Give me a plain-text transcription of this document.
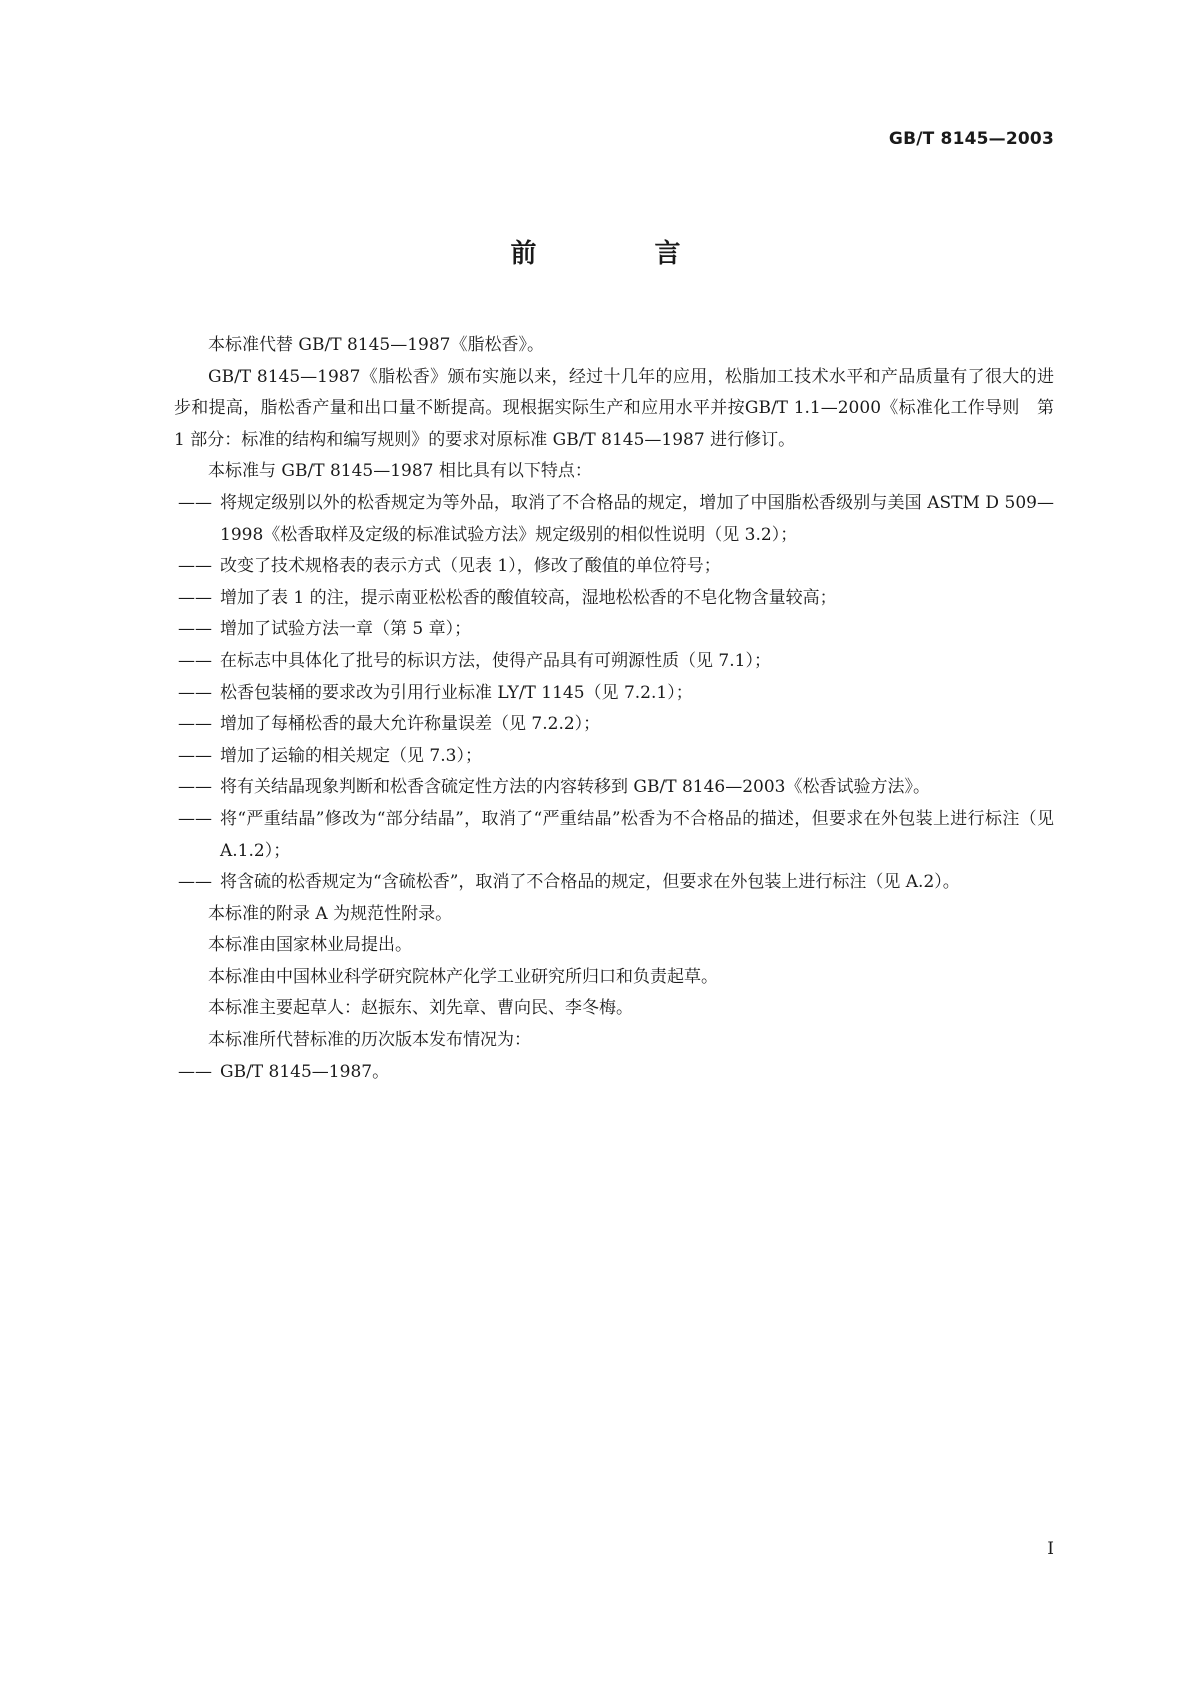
GB/T 8145—2003
前　言

本标准代替 GB/T 8145—1987《脂松香》。

GB/T 8145—1987《脂松香》颁布实施以来，经过十几年的应用，松脂加工技术水平和产品质量有了很大的进步和提高，脂松香产量和出口量不断提高。现根据实际生产和应用水平并按GB/T 1.1—2000《标准化工作导则　第 1 部分：标准的结构和编写规则》的要求对原标准 GB/T 8145—1987 进行修订。

本标准与 GB/T 8145—1987 相比具有以下特点：

—— 将规定级别以外的松香规定为等外品，取消了不合格品的规定，增加了中国脂松香级别与美国 ASTM D 509—1998《松香取样及定级的标准试验方法》规定级别的相似性说明（见 3.2）；

—— 改变了技术规格表的表示方式（见表 1），修改了酸值的单位符号；

—— 增加了表 1 的注，提示南亚松松香的酸值较高，湿地松松香的不皂化物含量较高；

—— 增加了试验方法一章（第 5 章）；

—— 在标志中具体化了批号的标识方法，使得产品具有可朔源性质（见 7.1）；

—— 松香包装桶的要求改为引用行业标准 LY/T 1145（见 7.2.1）；

—— 增加了每桶松香的最大允许称量误差（见 7.2.2）；

—— 增加了运输的相关规定（见 7.3）；

—— 将有关结晶现象判断和松香含硫定性方法的内容转移到 GB/T 8146—2003《松香试验方法》。

—— 将“严重结晶”修改为“部分结晶”，取消了“严重结晶”松香为不合格品的描述，但要求在外包装上进行标注（见 A.1.2）；

—— 将含硫的松香规定为“含硫松香”，取消了不合格品的规定，但要求在外包装上进行标注（见 A.2）。

本标准的附录 A 为规范性附录。

本标准由国家林业局提出。

本标准由中国林业科学研究院林产化学工业研究所归口和负责起草。

本标准主要起草人：赵振东、刘先章、曹向民、李冬梅。

本标准所代替标准的历次版本发布情况为：

—— GB/T 8145—1987。

I
